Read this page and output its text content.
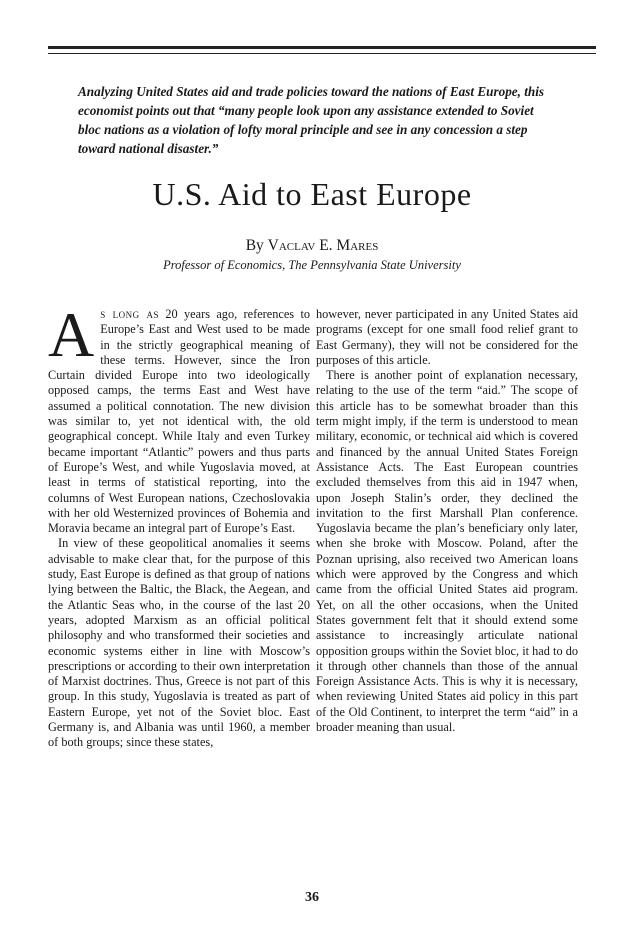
Analyzing United States aid and trade policies toward the nations of East Europe, this economist points out that “many people look upon any assistance extended to Soviet bloc nations as a violation of lofty moral principle and see in any concession a step toward national disaster.”
U.S. Aid to East Europe
By Vaclav E. Mares
Professor of Economics, The Pennsylvania State University

As long as 20 years ago, references to Europe’s East and West used to be made in the strictly geographical meaning of these terms. However, since the Iron Curtain divided Europe into two ideologically opposed camps, the terms East and West have assumed a political connotation. The new division was similar to, yet not identical with, the old geographical concept. While Italy and even Turkey became important “Atlantic” powers and thus parts of Europe’s West, and while Yugoslavia moved, at least in terms of statistical reporting, into the columns of West European nations, Czechoslovakia with her old Westernized provinces of Bohemia and Moravia became an integral part of Europe’s East.

In view of these geopolitical anomalies it seems advisable to make clear that, for the purpose of this study, East Europe is defined as that group of nations lying between the Baltic, the Black, the Aegean, and the Atlantic Seas who, in the course of the last 20 years, adopted Marxism as an official political philosophy and who transformed their societies and economic systems either in line with Moscow’s prescriptions or according to their own interpretation of Marxist doctrines. Thus, Greece is not part of this group. In this study, Yugoslavia is treated as part of Eastern Europe, yet not of the Soviet bloc. East Germany is, and Albania was until 1960, a member of both groups; since these states,

however, never participated in any United States aid programs (except for one small food relief grant to East Germany), they will not be considered for the purposes of this article.

There is another point of explanation necessary, relating to the use of the term “aid.” The scope of this article has to be somewhat broader than this term might imply, if the term is understood to mean military, economic, or technical aid which is covered and financed by the annual United States Foreign Assistance Acts. The East European countries excluded themselves from this aid in 1947 when, upon Joseph Stalin’s order, they declined the invitation to the first Marshall Plan conference. Yugoslavia became the plan’s beneficiary only later, when she broke with Moscow. Poland, after the Poznan uprising, also received two American loans which were approved by the Congress and which came from the official United States aid program. Yet, on all the other occasions, when the United States government felt that it should extend some assistance to increasingly articulate national opposition groups within the Soviet bloc, it had to do it through other channels than those of the annual Foreign Assistance Acts. This is why it is necessary, when reviewing United States aid policy in this part of the Old Continent, to interpret the term “aid” in a broader meaning than usual.

36
